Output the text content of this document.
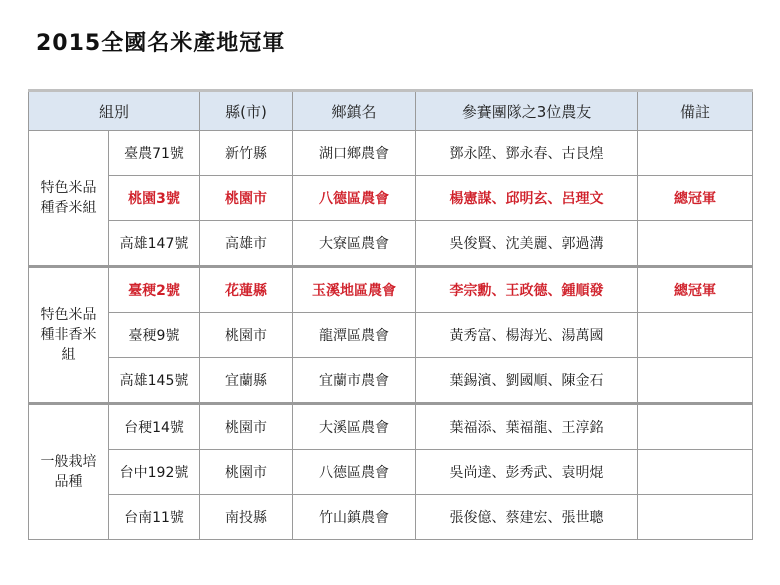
2015全國名米產地冠軍
組別		縣(市)	鄉鎮名	參賽團隊之3位農友	備註

特色米品
種香米組	臺農71號	新竹縣	湖口鄉農會	鄧永陞、鄧永春、古艮煌	
	桃園3號	桃園市	八德區農會	楊憲謀、邱明玄、呂理文	總冠軍
	高雄147號	高雄市	大寮區農會	吳俊賢、沈美麗、郭過溝	

特色米品
種非香米
組	臺稉2號	花蓮縣	玉溪地區農會	李宗勳、王政德、鍾順發	總冠軍
	臺稉9號	桃園市	龍潭區農會	黃秀富、楊海光、湯萬國	
	高雄145號	宜蘭縣	宜蘭市農會	葉錫濱、劉國順、陳金石	

一般栽培
品種	台稉14號	桃園市	大溪區農會	葉福添、葉福龍、王淳銘	
	台中192號	桃園市	八德區農會	吳尚達、彭秀武、袁明焜	
	台南11號	南投縣	竹山鎮農會	張俊億、蔡建宏、張世聰	
